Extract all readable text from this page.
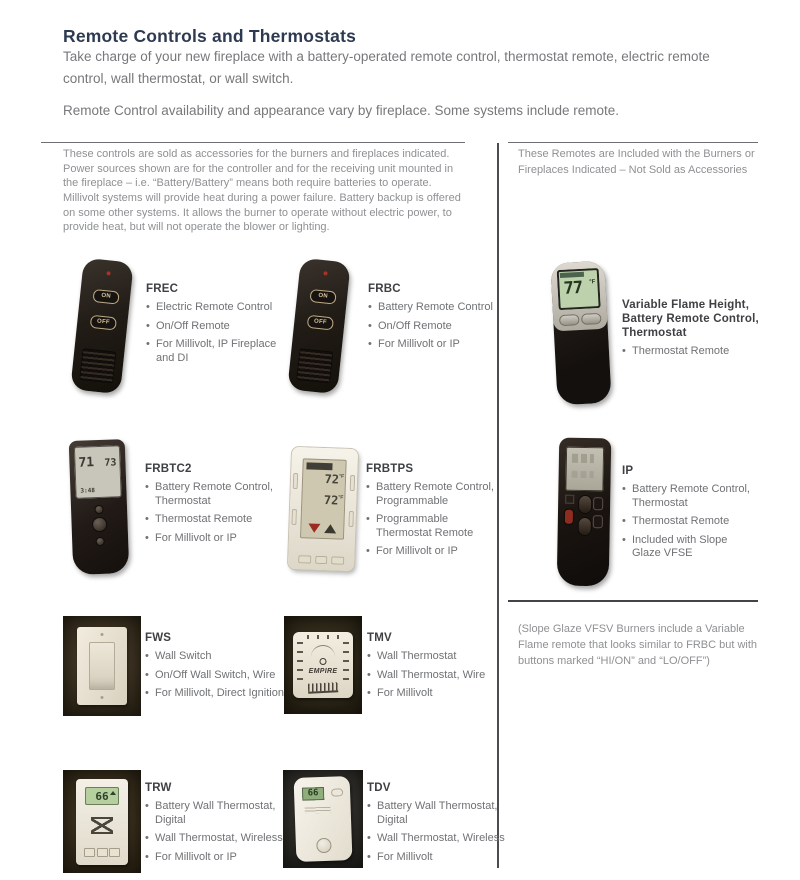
Remote Controls and Thermostats
Take charge of your new fireplace with a battery-operated remote control, thermostat remote, electric remote control, wall thermostat, or wall switch.
Remote Control availability and appearance vary by fireplace. Some systems include remote.
These controls are sold as accessories for the burners and fireplaces indicated. Power sources shown are for the controller and for the receiving unit mounted in the fireplace – i.e. “Battery/Battery” means both require batteries to operate.
Millivolt systems will provide heat during a power failure. Battery backup is offered on some other systems. It allows the burner to operate without electric power, to provide heat, but will not operate the blower or lighting.
These Remotes are Included with the Burners or Fireplaces Indicated – Not Sold as Accessories
ON
OFF
FREC
• Electric Remote Control
• On/Off Remote
• For Millivolt, IP Fireplace and DI
ON
OFF
FRBC
• Battery Remote Control
• On/Off Remote
• For Millivolt or IP
71 73
3:48
FRBTC2
• Battery Remote Control, Thermostat
• Thermostat Remote
• For Millivolt or IP
72 °F
72 °F
FRBTPS
• Battery Remote Control, Programmable
• Programmable Thermostat Remote
• For Millivolt or IP
FWS
• Wall Switch
• On/Off Wall Switch, Wire
• For Millivolt, Direct Ignition
EMPIRE
TMV
• Wall Thermostat
• Wall Thermostat, Wire
• For Millivolt
66
TRW
• Battery Wall Thermostat, Digital
• Wall Thermostat, Wireless
• For Millivolt or IP
66	TDV
• Battery Wall Thermostat, Digital
• Wall Thermostat, Wireless
• For Millivolt
77 °F
Variable Flame Height, Battery Remote Control, Thermostat
• Thermostat Remote
IP
• Battery Remote Control, Thermostat
• Thermostat Remote
• Included with Slope Glaze VFSE
(Slope Glaze VFSV Burners include a Variable Flame remote that looks similar to FRBC but with buttons marked “HI/ON” and “LO/OFF”)
